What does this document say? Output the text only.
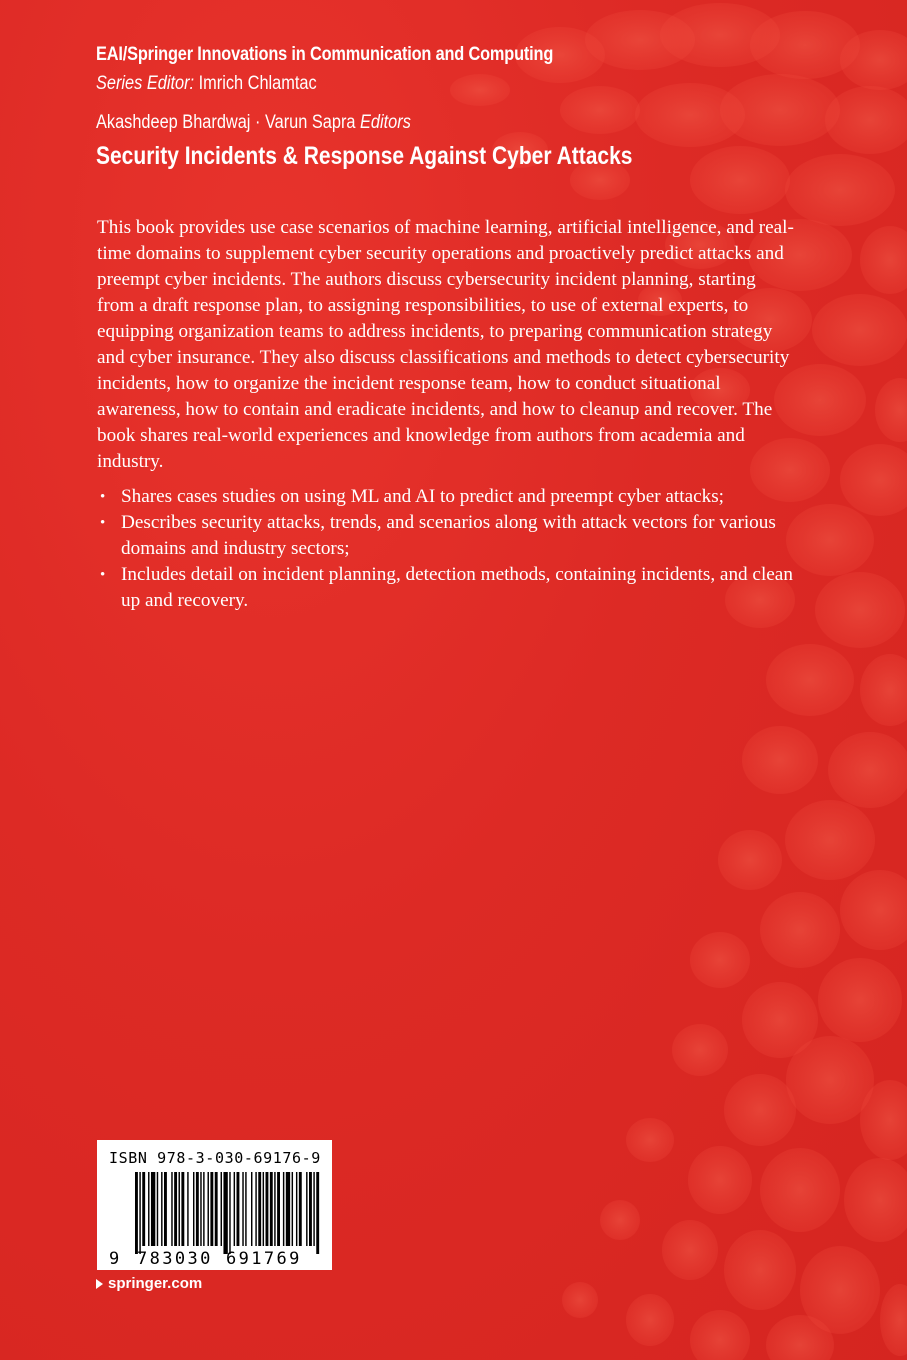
EAI/Springer Innovations in Communication and Computing
Series Editor: Imrich Chlamtac
Akashdeep Bhardwaj · Varun Sapra Editors
Security Incidents & Response Against Cyber Attacks

This book provides use case scenarios of machine learning, artificial intelligence, and real-time domains to supplement cyber security operations and proactively predict attacks and preempt cyber incidents. The authors discuss cybersecurity incident planning, starting from a draft response plan, to assigning responsibilities, to use of external experts, to equipping organization teams to address incidents, to preparing communication strategy and cyber insurance. They also discuss classifications and methods to detect cybersecurity incidents, how to organize the incident response team, how to conduct situational awareness, how to contain and eradicate incidents, and how to cleanup and recover. The book shares real-world experiences and knowledge from authors from academia and industry.

• Shares cases studies on using ML and AI to predict and preempt cyber attacks;
• Describes security attacks, trends, and scenarios along with attack vectors for various domains and industry sectors;
• Includes detail on incident planning, detection methods, containing incidents, and clean up and recovery.
ISBN 978-3-030-69176-9
9 783030 691769
springer.com
